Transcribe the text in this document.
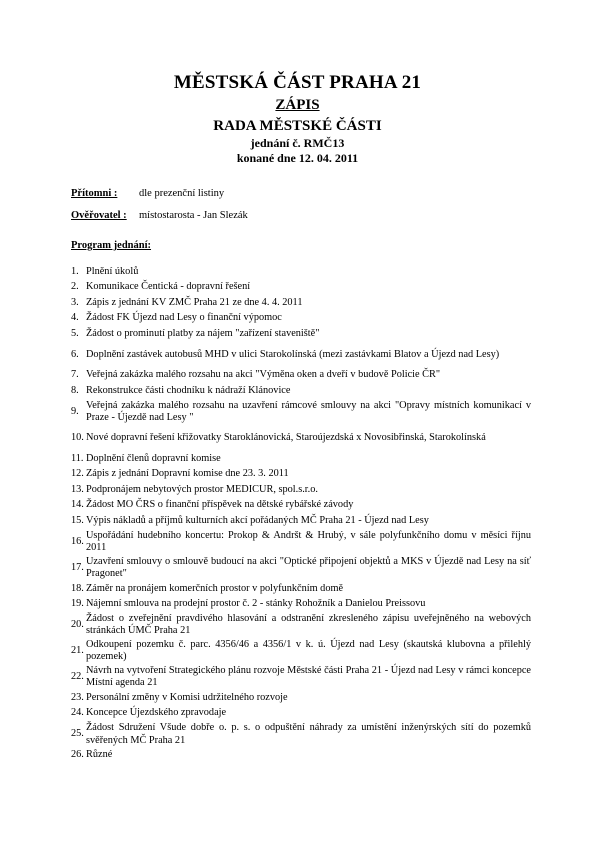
MĚSTSKÁ ČÁST PRAHA 21
ZÁPIS
RADA MĚSTSKÉ ČÁSTI
jednání č. RMČ13
konané dne 12. 04. 2011
Přítomni : dle prezenční listiny
Ověřovatel : místostarosta - Jan Slezák
Program jednání:
1. Plnění úkolů
2. Komunikace Čentická - dopravní řešení
3. Zápis z jednání KV ZMČ Praha 21 ze dne 4. 4. 2011
4. Žádost FK Újezd nad Lesy o finanční výpomoc
5. Žádost o prominutí platby za nájem "zařízení staveniště"
6. Doplnění zastávek autobusů MHD v ulici Starokolínská (mezi zastávkami Blatov a Újezd nad Lesy)
7. Veřejná zakázka malého rozsahu na akci "Výměna oken a dveří v budově Policie ČR"
8. Rekonstrukce části chodníku k nádraží Klánovice
9.
Veřejná zakázka malého rozsahu na uzavření rámcové smlouvy na akci "Opravy místních komunikací v Praze - Újezdě nad Lesy "
10. Nové dopravní řešení křižovatky Staroklánovická, Staroújezdská x Novosibřinská, Starokolínská
11. Doplnění členů dopravní komise
12. Zápis z jednání Dopravní komise dne 23. 3. 2011
13. Podpronájem nebytových prostor MEDICUR, spol.s.r.o.
14. Žádost MO ČRS o finanční příspěvek na dětské rybářské závody
15. Výpis nákladů a příjmů kulturních akcí pořádaných MČ Praha 21 - Újezd nad Lesy
16.
Uspořádání hudebního koncertu: Prokop & Andršt & Hrubý, v sále polyfunkčního domu v měsíci říjnu 2011
17.
Uzavření smlouvy o smlouvě budoucí na akci "Optické připojení objektů a MKS v Újezdě nad Lesy na síť Pragonet"
18. Záměr na pronájem komerčních prostor v polyfunkčním domě
19. Nájemní smlouva na prodejní prostor č. 2 - stánky Rohožník a Danielou Preissovu
20.
Žádost o zveřejnění pravdivého hlasování a odstranění zkresleného zápisu uveřejněného na webových stránkách ÚMČ Praha 21
21.
Odkoupení pozemku č. parc. 4356/46 a 4356/1 v k. ú. Újezd nad Lesy (skautská klubovna a přilehlý pozemek)
22.
Návrh na vytvoření Strategického plánu rozvoje Městské části Praha 21 - Újezd nad Lesy v rámci koncepce Místní agenda 21
23. Personální změny v Komisi udržitelného rozvoje
24. Koncepce Újezdského zpravodaje
25.
Žádost Sdružení Všude dobře o. p. s. o odpuštění náhrady za umístění inženýrských sítí do pozemků svěřených MČ Praha 21
26. Různé
